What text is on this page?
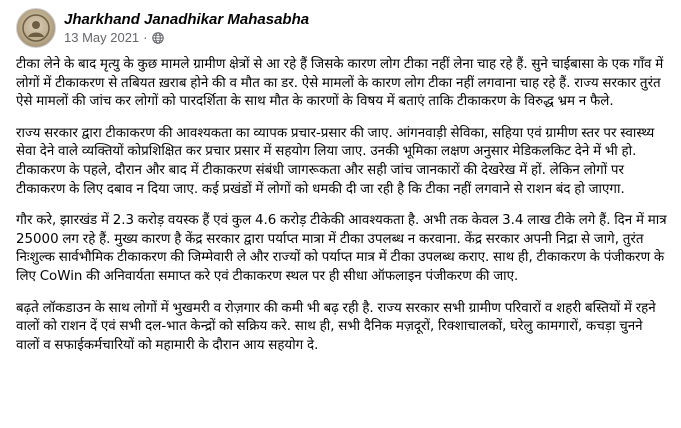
Jharkhand Janadhikar Mahasabha
13 May 2021 ·

टीका लेने के बाद मृत्यु के कुछ मामले ग्रामीण क्षेत्रों से आ रहे हैं जिसके कारण लोग टीका नहीं लेना चाह रहे हैं. सुने चाईबासा के एक गाँव में लोगों में टीकाकरण से तबियत ख़राब होने की व मौत का डर. ऐसे मामलों के कारण लोग टीका नहीं लगवाना चाह रहे हैं. राज्य सरकार तुरंत ऐसे मामलों की जांच कर लोगों को पारदर्शिता के साथ मौत के कारणों के विषय में बताएं ताकि टीकाकरण के विरुद्ध भ्रम न फैले.

राज्य सरकार द्वारा टीकाकरण की आवश्यकता का व्यापक प्रचार-प्रसार की जाए. आंगनवाड़ी सेविका, सहिया एवं ग्रामीण स्तर पर स्वास्थ्य सेवा देने वाले व्यक्तियों कोप्रशिक्षित कर प्रचार प्रसार में सहयोग लिया जाए. उनकी भूमिका लक्षण अनुसार मेडिकलकिट देने में भी हो. टीकाकरण के पहले, दौरान और बाद में टीकाकरण संबंधी जागरूकता और सही जांच जानकारों की देखरेख में हों. लेकिन लोगों पर टीकाकरण के लिए दबाव न दिया जाए. कई प्रखंडों में लोगों को धमकी दी जा रही है कि टीका नहीं लगवाने से राशन बंद हो जाएगा.

गौर करे, झारखंड में 2.3 करोड़ वयस्क हैं एवं कुल 4.6 करोड़ टीकेकी आवश्यकता है. अभी तक केवल 3.4 लाख टीके लगे हैं. दिन में मात्र 25000 लग रहे हैं. मुख्य कारण है केंद्र सरकार द्वारा पर्याप्त मात्रा में टीका उपलब्ध न करवाना. केंद्र सरकार अपनी निद्रा से जागे, तुरंत निःशुल्क सार्वभौमिक टीकाकरण की जिम्मेवारी ले और राज्यों को पर्याप्त मात्र में टीका उपलब्ध कराए. साथ ही, टीकाकरण के पंजीकरण के लिए CoWin की अनिवार्यता समाप्त करे एवं टीकाकरण स्थल पर ही सीधा ऑफलाइन पंजीकरण की जाए.

बढ़ते लॉकडाउन के साथ लोगों में भुखमरी व रोज़गार की कमी भी बढ़ रही है. राज्य सरकार सभी ग्रामीण परिवारों व शहरी बस्तियों में रहने वालों को राशन दें एवं सभी दल-भात केन्द्रों को सक्रिय करे. साथ ही, सभी दैनिक मज़दूरों, रिक्शाचालकों, घरेलु कामगारों, कचड़ा चुनने वालों व सफाईकर्मचारियों को महामारी के दौरान आय सहयोग दे.
